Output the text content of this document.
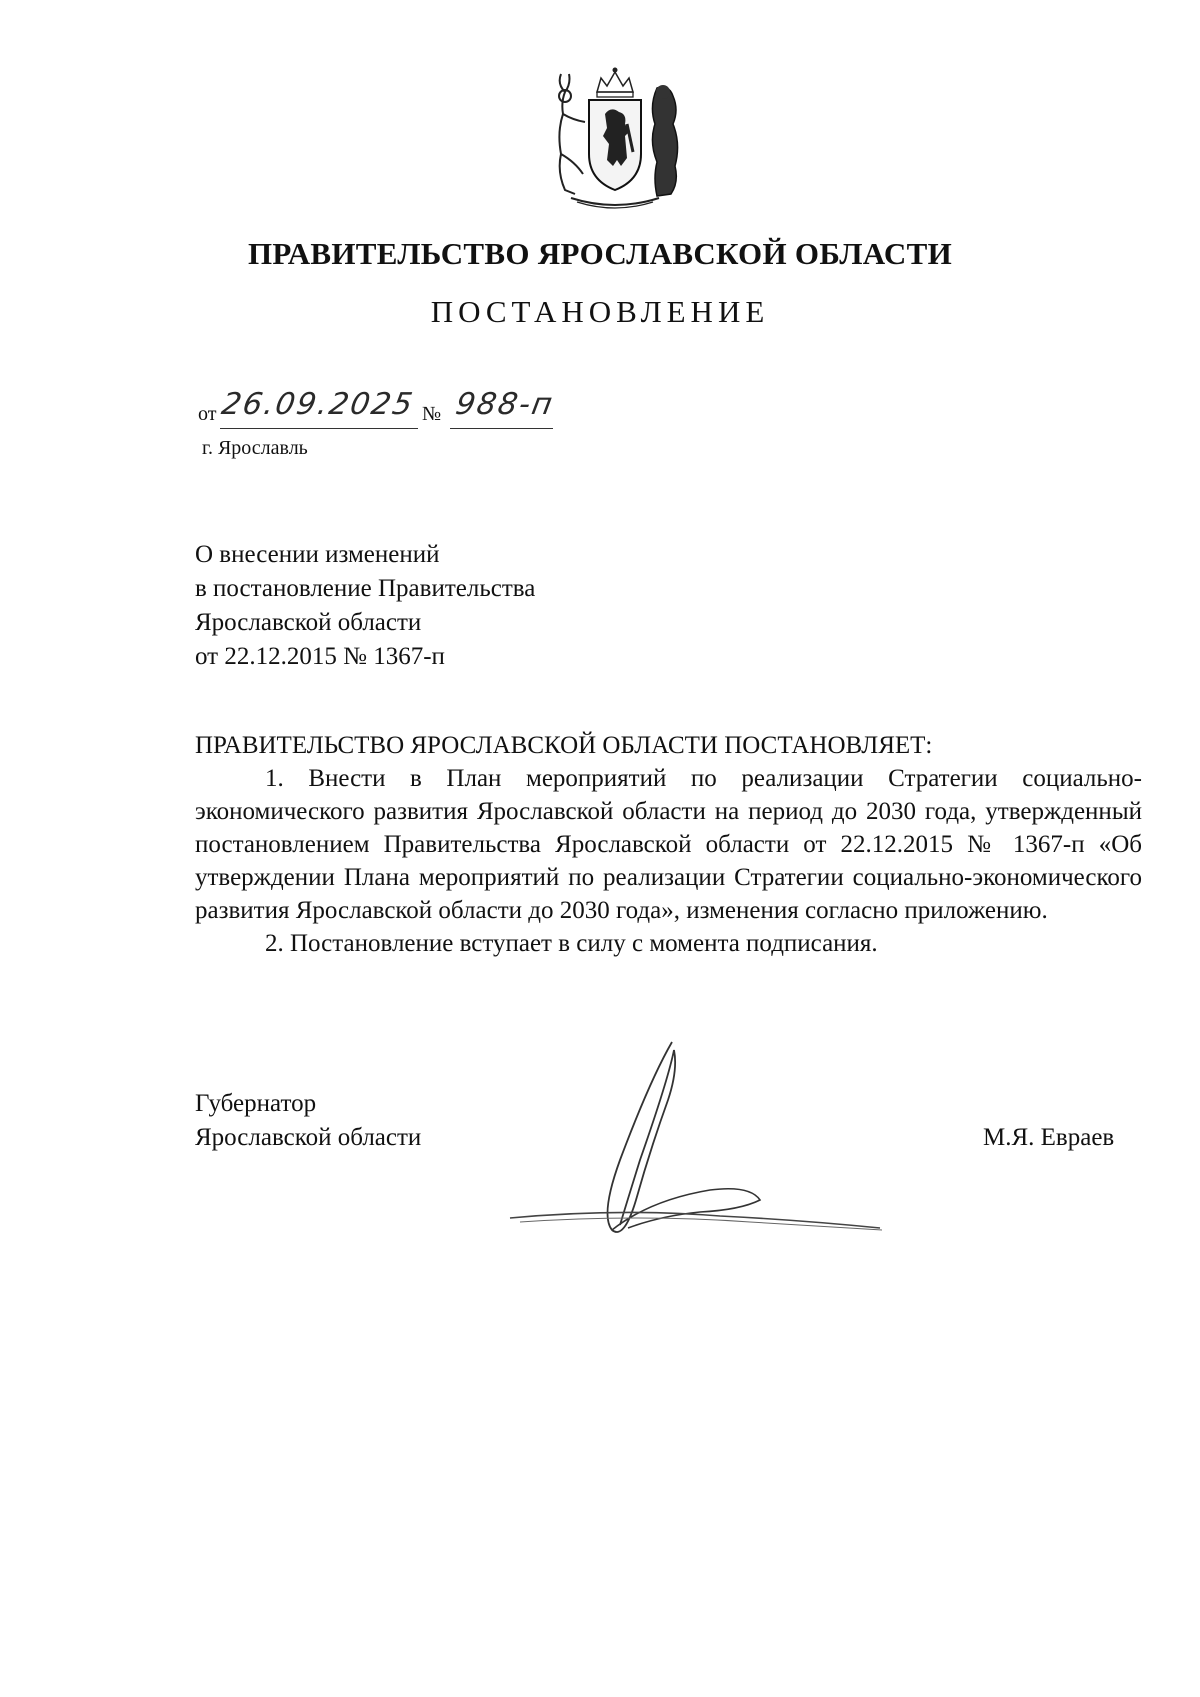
ПРАВИТЕЛЬСТВО ЯРОСЛАВСКОЙ ОБЛАСТИ
ПОСТАНОВЛЕНИЕ
от 26.09.2025 № 988-п
г. Ярославль
О внесении изменений
в постановление Правительства
Ярославской области
от 22.12.2015 № 1367-п
ПРАВИТЕЛЬСТВО ЯРОСЛАВСКОЙ ОБЛАСТИ ПОСТАНОВЛЯЕТ:

1. Внести в План мероприятий по реализации Стратегии социально-экономического развития Ярославской области на период до 2030 года, утвержденный постановлением Правительства Ярославской области от 22.12.2015 № 1367-п «Об утверждении Плана мероприятий по реализации Стратегии социально-экономического развития Ярославской области до 2030 года», изменения согласно приложению.

2. Постановление вступает в силу с момента подписания.

Губернатор
Ярославской области	М.Я. Евраев
